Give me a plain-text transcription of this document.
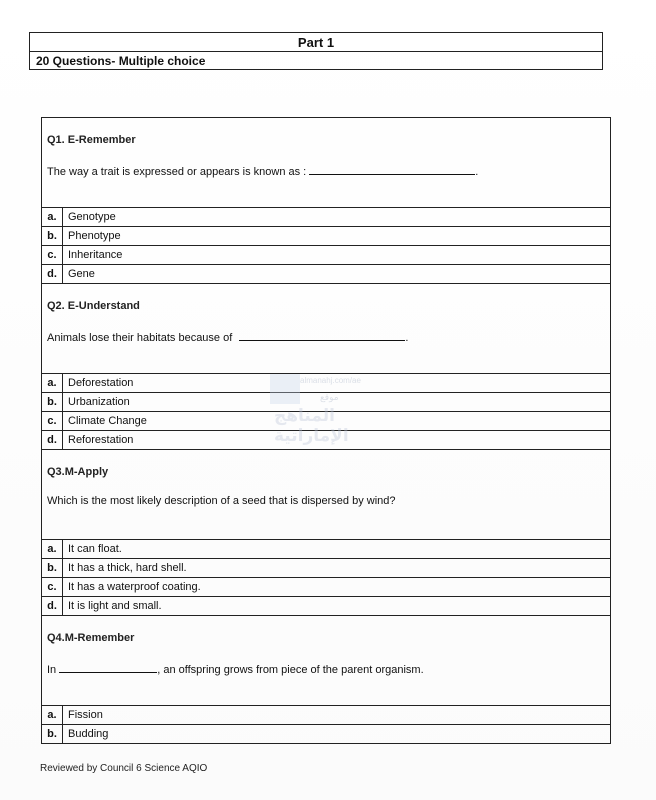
Part 1
20 Questions- Multiple choice
Q1. E-Remember
The way a trait is expressed or appears is known as :	.
a.	Genotype
b.	Phenotype
c.	Inheritance
d.	Gene
Q2. E-Understand
Animals lose their habitats because of	.
a.	Deforestation
b.	Urbanization
c.	Climate Change
d.	Reforestation
Q3.M-Apply
Which is the most likely description of a seed that is dispersed by wind?
a.	It can float.
b.	It has a thick, hard shell.
c.	It has a waterproof coating.
d.	It is light and small.
Q4.M-Remember
In	, an offspring grows from piece of the parent organism.
a.	Fission
b.	Budding
almanahj.com/ae
موقع
المناهج الإماراتية
Reviewed by Council 6 Science AQIO
